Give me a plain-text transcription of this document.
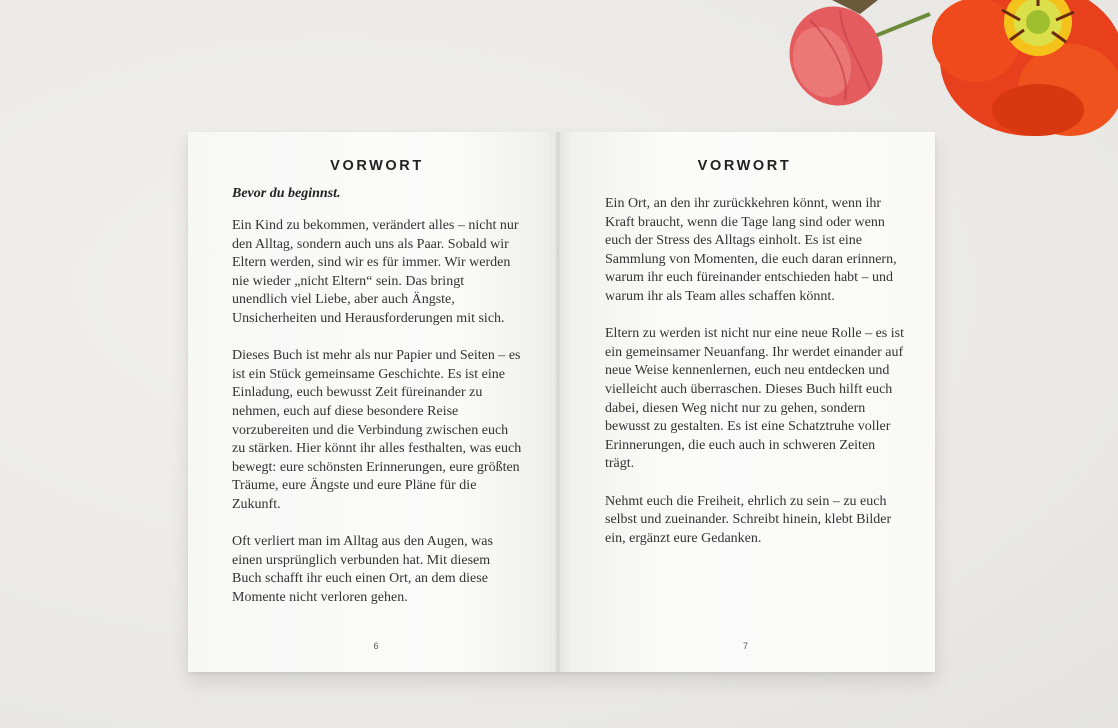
VORWORT
Bevor du beginnst.

Ein Kind zu bekommen, verändert alles – nicht nur den Alltag, sondern auch uns als Paar. Sobald wir Eltern werden, sind wir es für immer. Wir werden nie wieder „nicht Eltern“ sein. Das bringt unendlich viel Liebe, aber auch Ängste, Unsicherheiten und Herausforderungen mit sich.

Dieses Buch ist mehr als nur Papier und Seiten – es ist ein Stück gemeinsame Geschichte. Es ist eine Einladung, euch bewusst Zeit füreinander zu nehmen, euch auf diese besondere Reise vorzubereiten und die Verbindung zwischen euch zu stärken. Hier könnt ihr alles festhalten, was euch bewegt: eure schönsten Erinnerungen, eure größten Träume, eure Ängste und eure Pläne für die Zukunft.

Oft verliert man im Alltag aus den Augen, was einen ursprünglich verbunden hat. Mit diesem Buch schafft ihr euch einen Ort, an dem diese Momente nicht verloren gehen.

6
VORWORT

Ein Ort, an den ihr zurückkehren könnt, wenn ihr Kraft braucht, wenn die Tage lang sind oder wenn euch der Stress des Alltags einholt. Es ist eine Sammlung von Momenten, die euch daran erinnern, warum ihr euch füreinander entschieden habt – und warum ihr als Team alles schaffen könnt.

Eltern zu werden ist nicht nur eine neue Rolle – es ist ein gemeinsamer Neuanfang. Ihr werdet einander auf neue Weise kennenlernen, euch neu entdecken und vielleicht auch überraschen. Dieses Buch hilft euch dabei, diesen Weg nicht nur zu gehen, sondern bewusst zu gestalten. Es ist eine Schatztruhe voller Erinnerungen, die euch auch in schweren Zeiten trägt.

Nehmt euch die Freiheit, ehrlich zu sein – zu euch selbst und zueinander. Schreibt hinein, klebt Bilder ein, ergänzt eure Gedanken.

7
